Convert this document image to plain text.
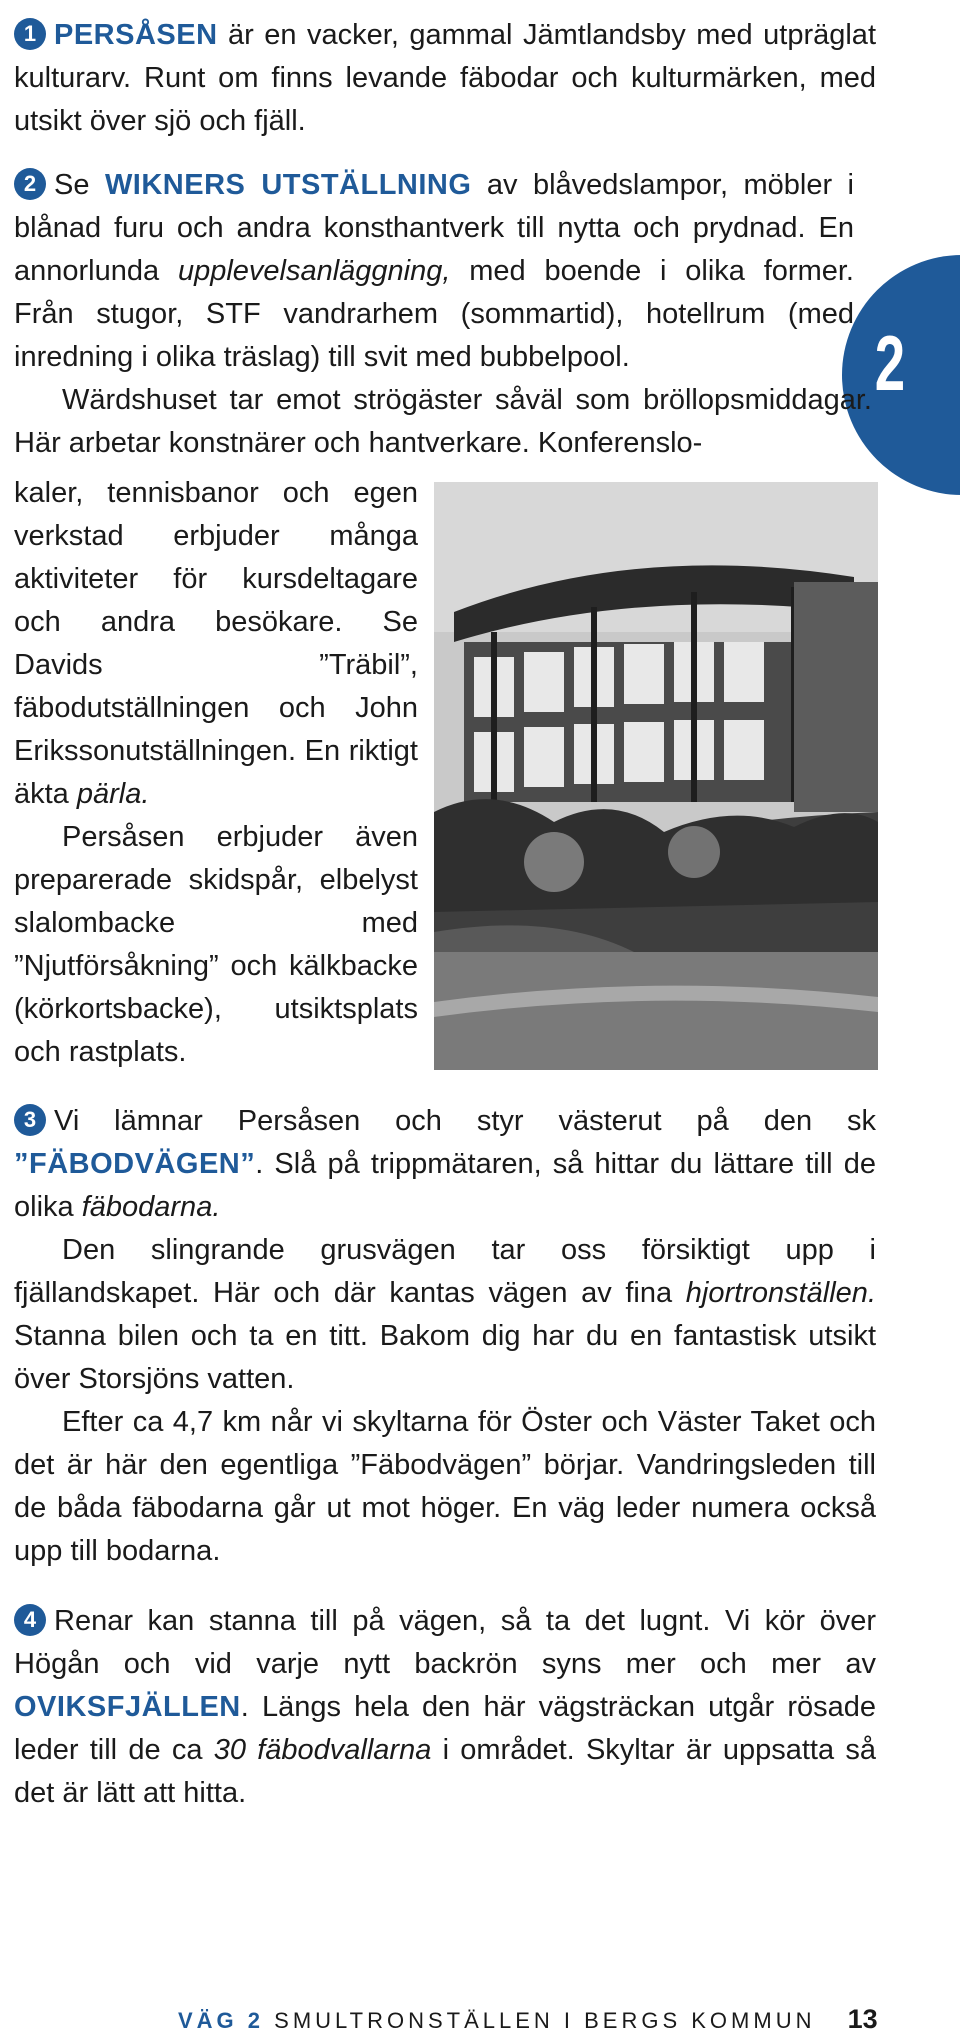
2

1 PERSÅSEN är en vacker, gammal Jämtlandsby med utpräglat kulturarv. Runt om finns levande fäbodar och kulturmärken, med utsikt över sjö och fjäll.

2 Se WIKNERS UTSTÄLLNING av blåvedslampor, möbler i blånad furu och andra konsthantverk till nytta och prydnad. En annorlunda upplevelsanläggning, med boende i olika former. Från stugor, STF vandrarhem (sommartid), hotellrum (med inredning i olika träslag) till svit med bubbelpool.

Wärdshuset tar emot strögäster såväl som bröllopsmiddagar. Här arbetar konstnärer och hantverkare. Konferenslo-

kaler, tennisbanor och egen verkstad erbjuder många aktiviteter för kursdeltagare och andra besökare. Se Davids ”Träbil”, fäbodutställningen och John Erikssonutställningen. En riktigt äkta pärla.
Persåsen erbjuder även preparerade skidspår, elbelyst slalombacke med ”Njutförsåkning” och kälkbacke (körkortsbacke), utsiktsplats och rastplats.

3 Vi lämnar Persåsen och styr västerut på den sk ”FÄBODVÄGEN”. Slå på trippmätaren, så hittar du lättare till de olika fäbodarna.
Den slingrande grusvägen tar oss försiktigt upp i fjällandskapet. Här och där kantas vägen av fina hjortronställen. Stanna bilen och ta en titt. Bakom dig har du en fantastisk utsikt över Storsjöns vatten.
Efter ca 4,7 km når vi skyltarna för Öster och Väster Taket och det är här den egentliga ”Fäbodvägen” börjar. Vandringsleden till de båda fäbodarna går ut mot höger. En väg leder numera också upp till bodarna.

4 Renar kan stanna till på vägen, så ta det lugnt. Vi kör över Högån och vid varje nytt backrön syns mer och mer av OVIKSFJÄLLEN. Längs hela den här vägsträckan utgår rösade leder till de ca 30 fäbodvallarna i området. Skyltar är uppsatta så det är lätt att hitta.

VÄG 2 SMULTRONSTÄLLEN I BERGS KOMMUN 13
